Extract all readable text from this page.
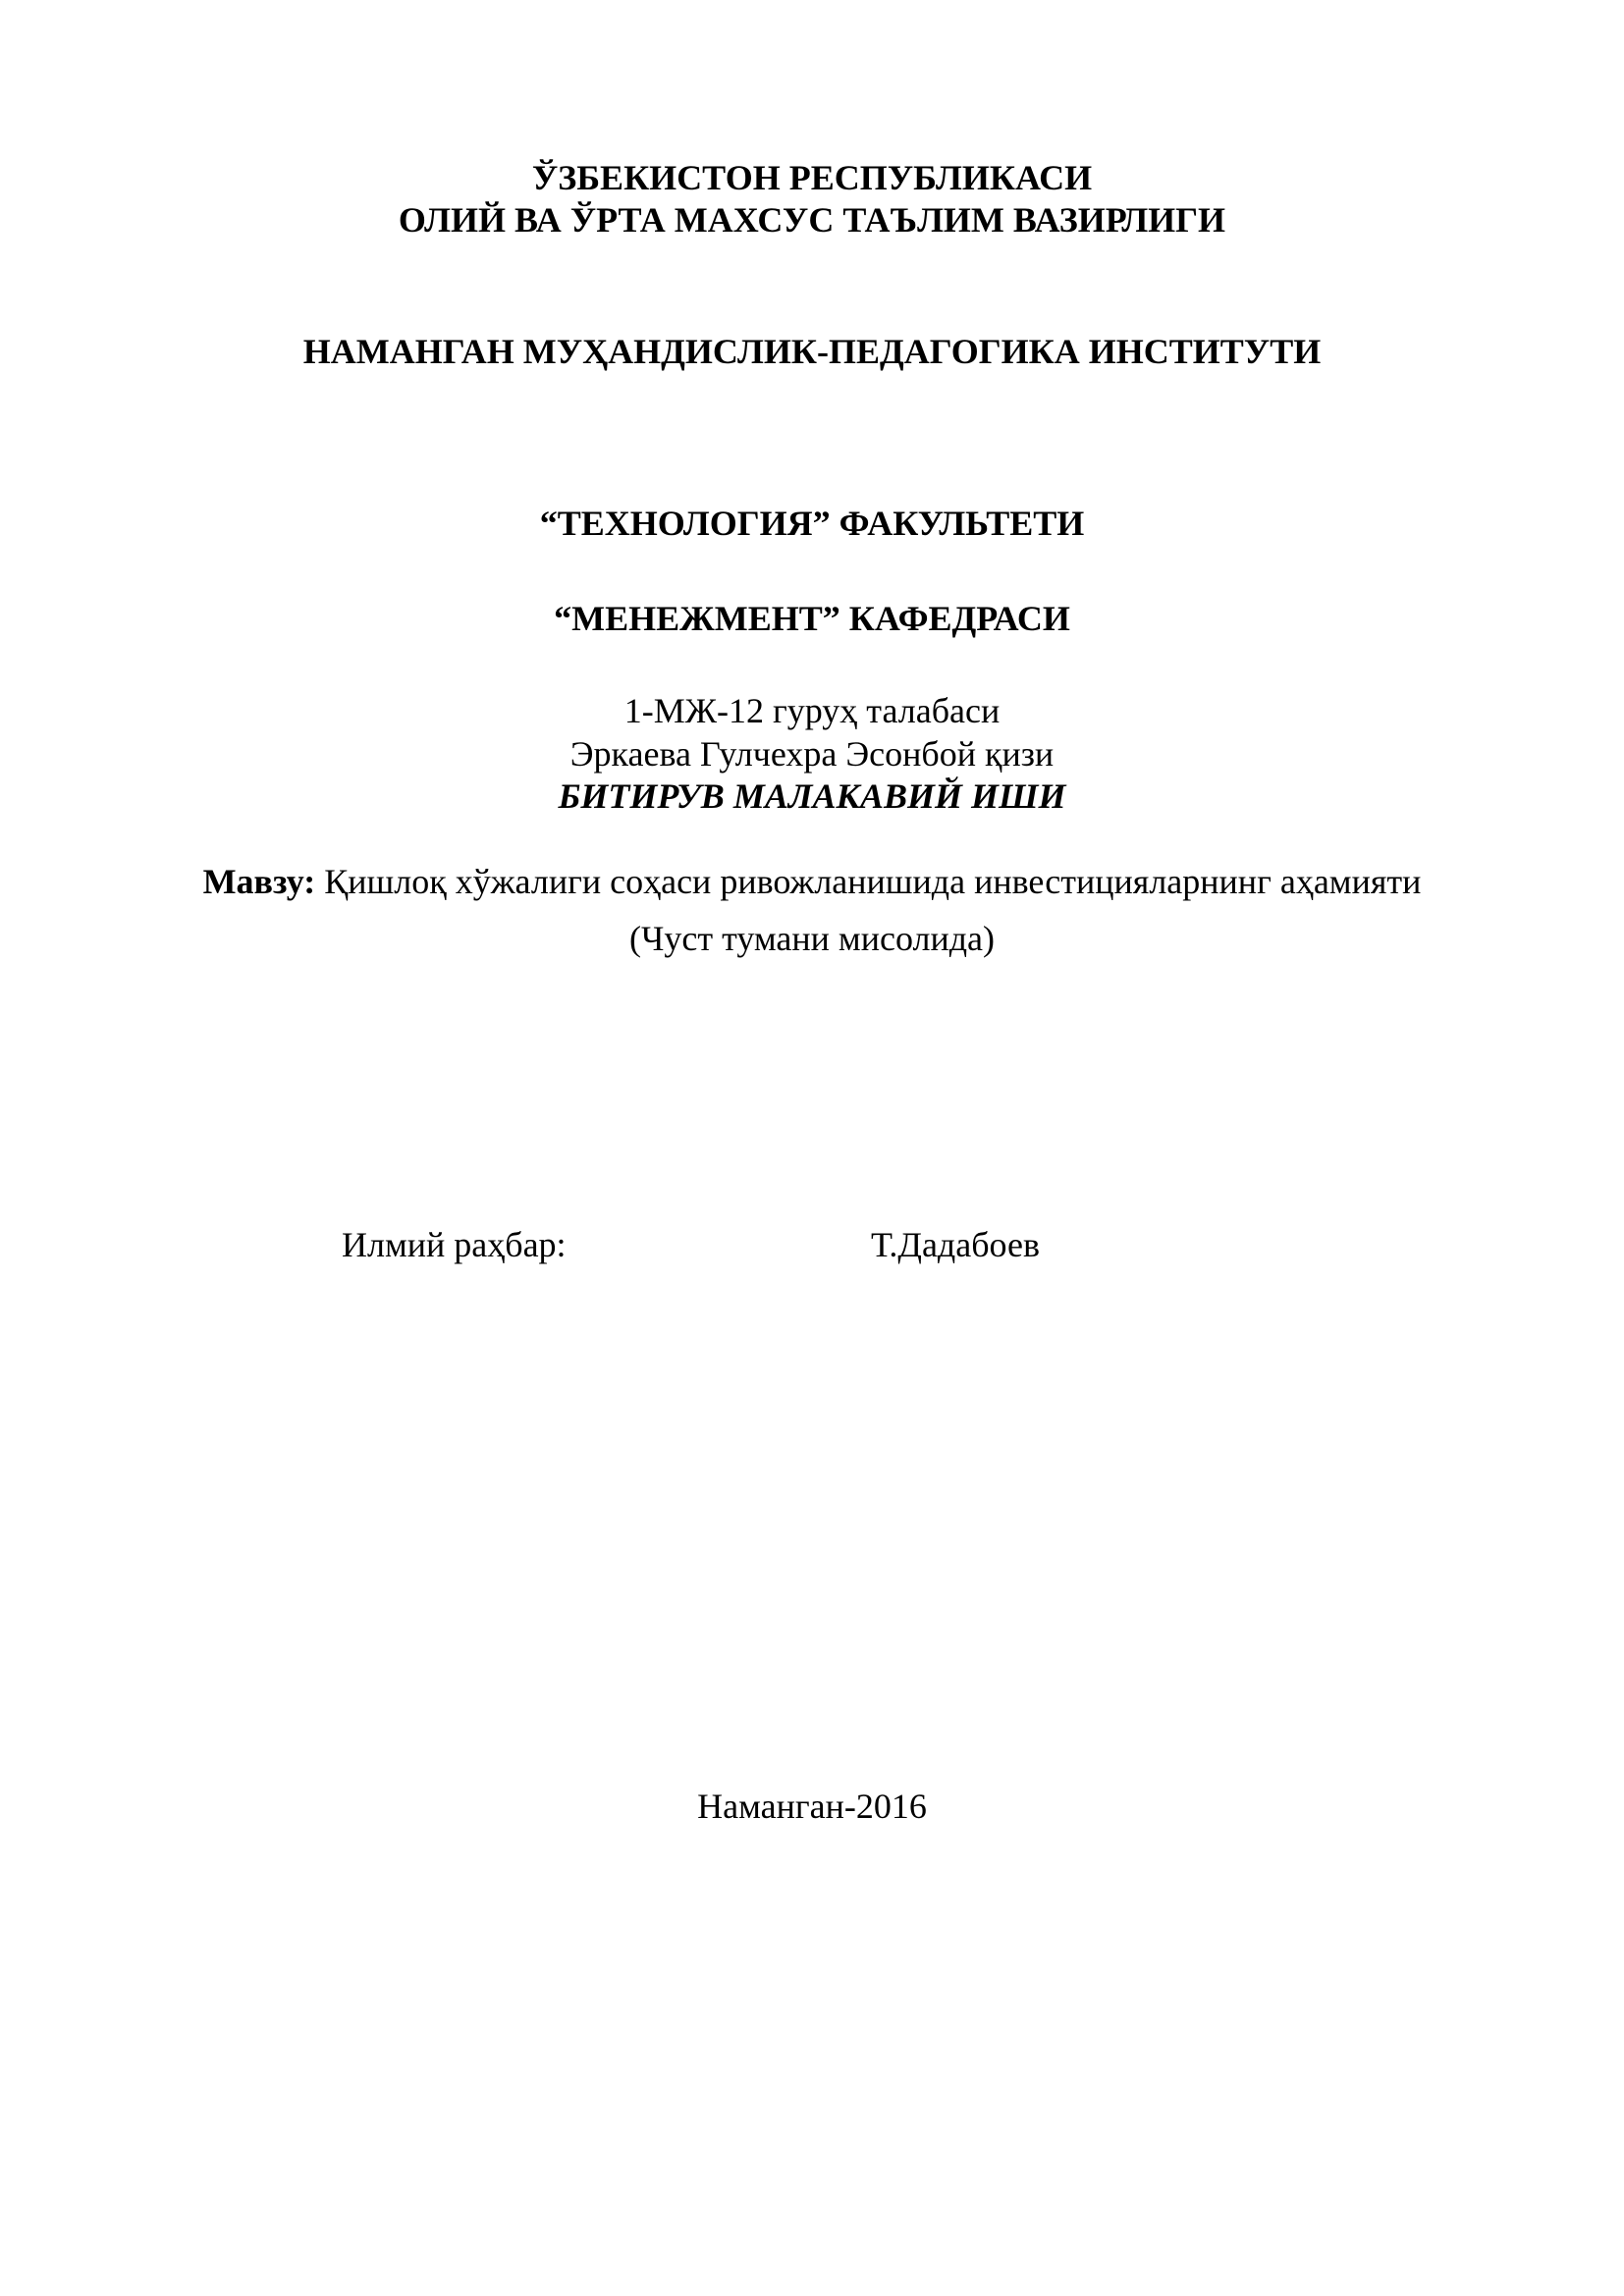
ЎЗБЕКИСТОН РЕСПУБЛИКАСИ
ОЛИЙ ВА ЎРТА МАХСУС ТАЪЛИМ ВАЗИРЛИГИ
НАМАНГАН МУҲАНДИСЛИК-ПЕДАГОГИКА ИНСТИТУТИ
“ТЕХНОЛОГИЯ” ФАКУЛЬТЕТИ
“МЕНЕЖМЕНТ” КАФЕДРАСИ
1-МЖ-12 гуруҳ талабаси
Эркаева Гулчехра Эсонбой қизи
БИТИРУВ МАЛАКАВИЙ ИШИ
Мавзу: Қишлоқ хўжалиги соҳаси ривожланишида инвестицияларнинг аҳамияти
(Чуст тумани мисолида)
Илмий раҳбар:	Т.Дадабоев
Наманган-2016
